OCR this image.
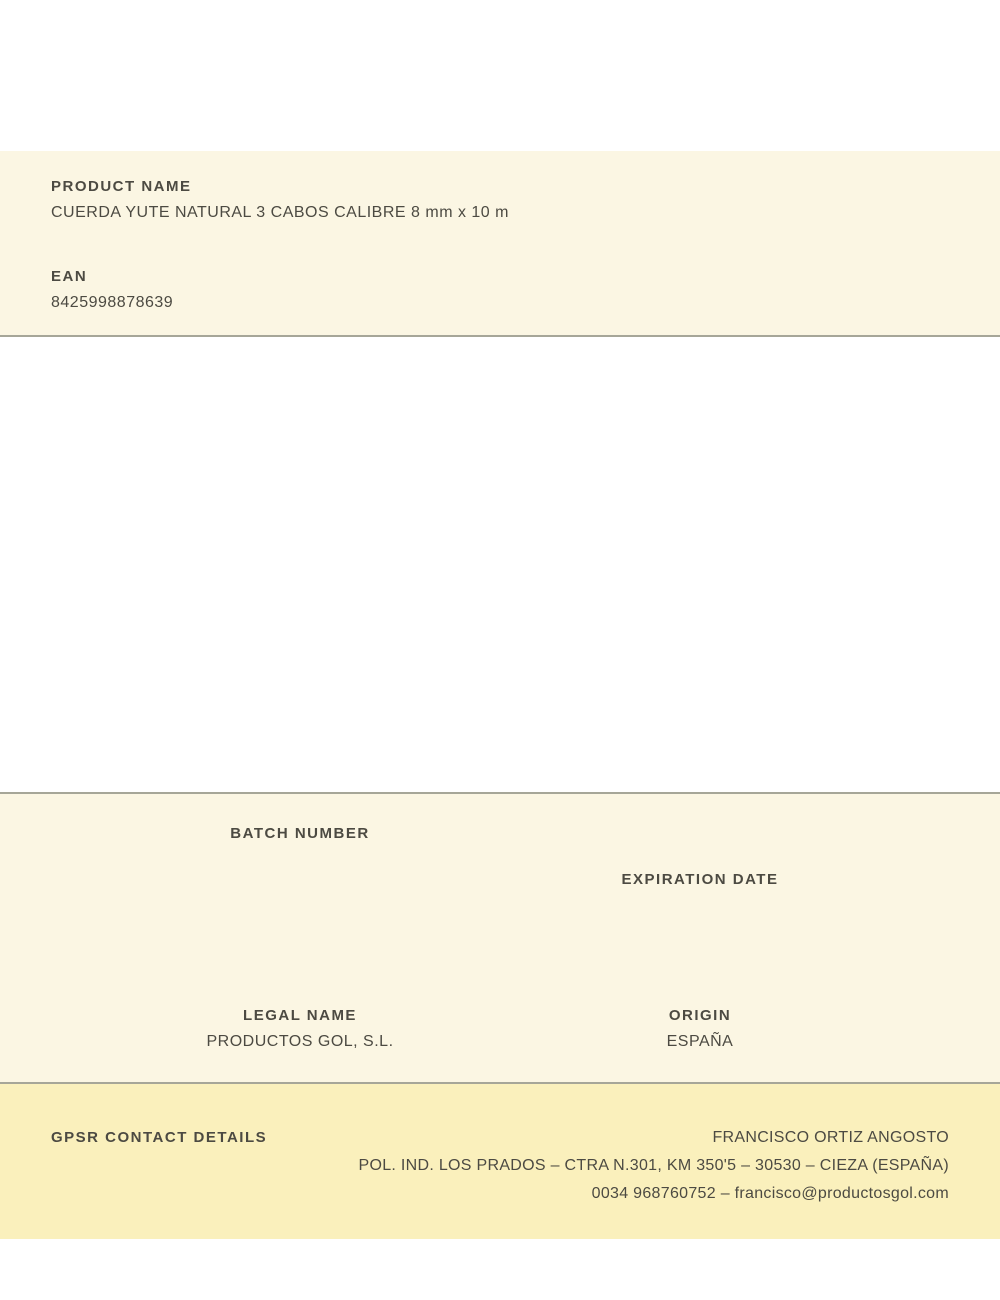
PRODUCT NAME
CUERDA YUTE NATURAL 3 CABOS CALIBRE 8 mm x 10 m
EAN
8425998878639
BATCH NUMBER
EXPIRATION DATE
LEGAL NAME
PRODUCTOS GOL, S.L.
ORIGIN
ESPAÑA
GPSR CONTACT DETAILS	FRANCISCO ORTIZ ANGOSTO
POL. IND. LOS PRADOS – CTRA N.301, KM 350'5 – 30530 – CIEZA (ESPAÑA)
0034 968760752 – francisco@productosgol.com
